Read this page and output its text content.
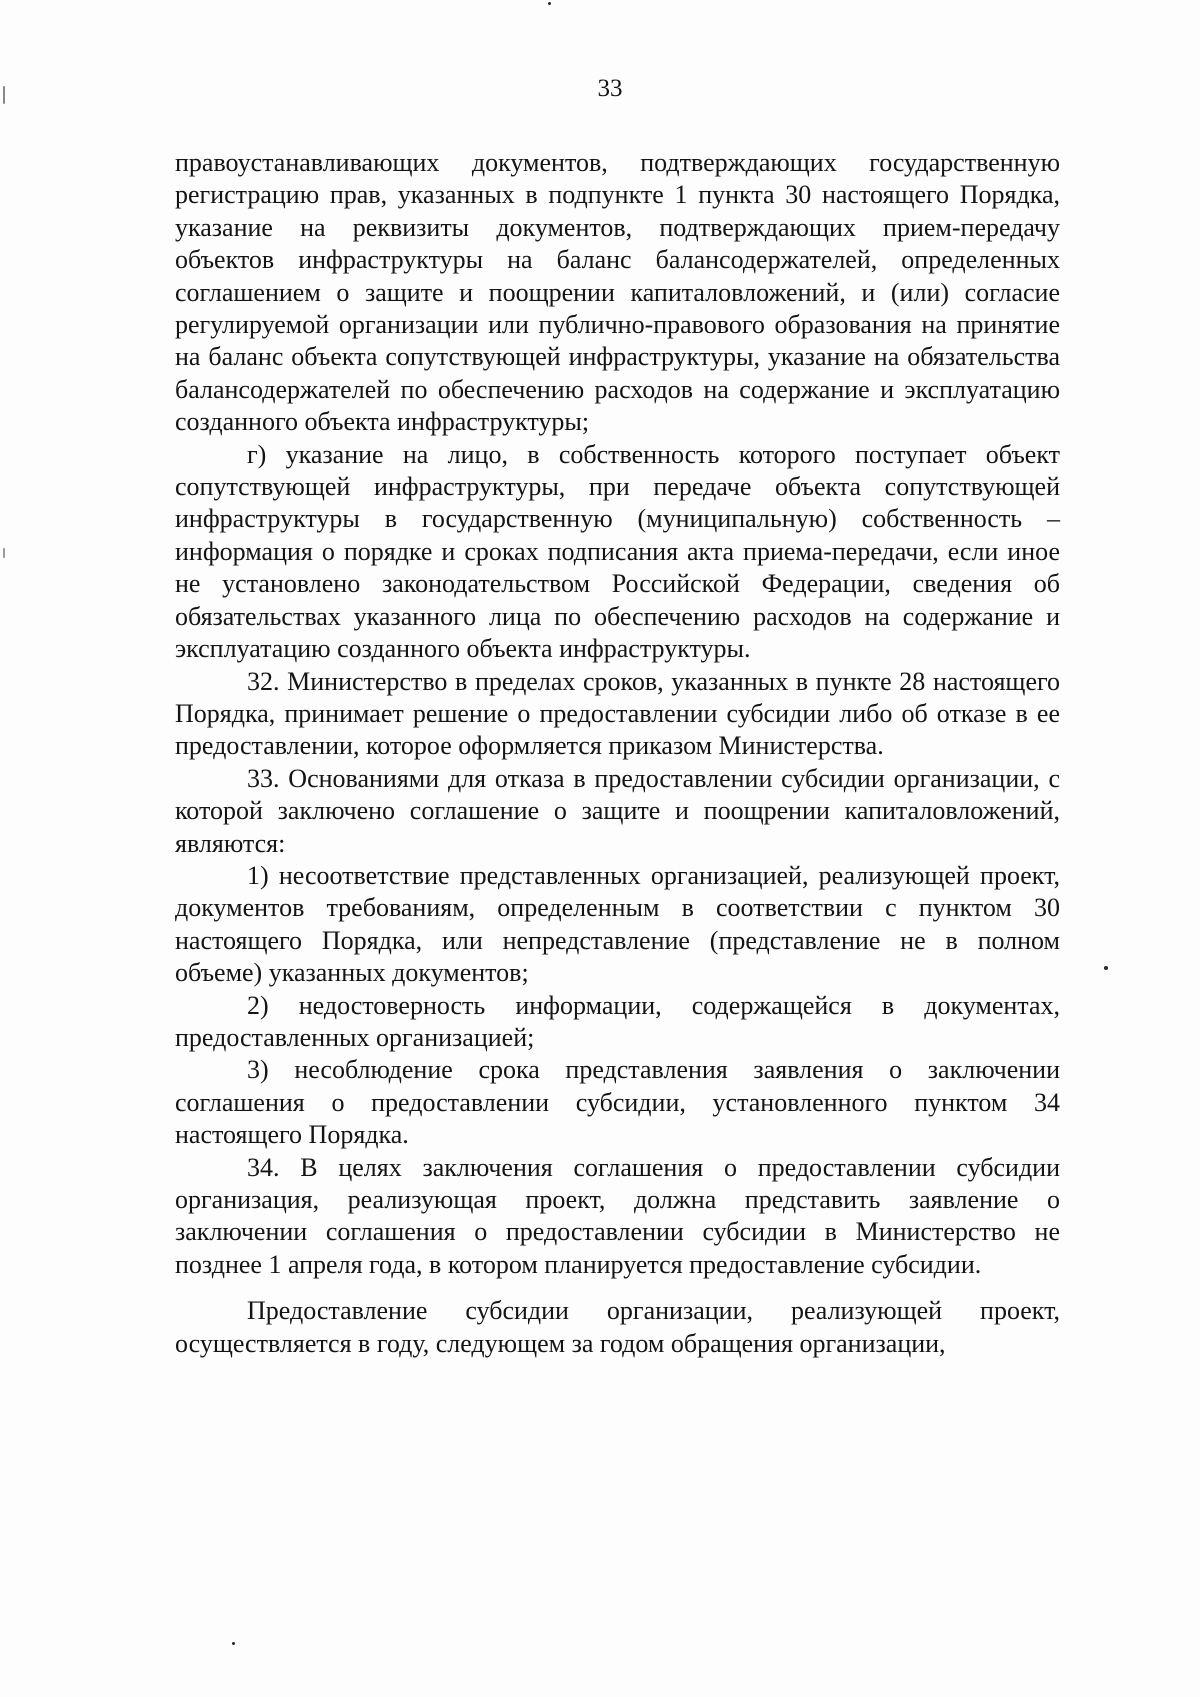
33

правоустанавливающих документов, подтверждающих государственную регистрацию прав, указанных в подпункте 1 пункта 30 настоящего Порядка, указание на реквизиты документов, подтверждающих прием-передачу объектов инфраструктуры на баланс балансодержателей, определенных соглашением о защите и поощрении капиталовложений, и (или) согласие регулируемой организации или публично-правового образования на принятие на баланс объекта сопутствующей инфраструктуры, указание на обязательства балансодержателей по обеспечению расходов на содержание и эксплуатацию созданного объекта инфраструктуры;

г) указание на лицо, в собственность которого поступает объект сопутствующей инфраструктуры, при передаче объекта сопутствующей инфраструктуры в государственную (муниципальную) собственность – информация о порядке и сроках подписания акта приема-передачи, если иное не установлено законодательством Российской Федерации, сведения об обязательствах указанного лица по обеспечению расходов на содержание и эксплуатацию созданного объекта инфраструктуры.

32. Министерство в пределах сроков, указанных в пункте 28 настоящего Порядка, принимает решение о предоставлении субсидии либо об отказе в ее предоставлении, которое оформляется приказом Министерства.

33. Основаниями для отказа в предоставлении субсидии организации, с которой заключено соглашение о защите и поощрении капиталовложений, являются:

1) несоответствие представленных организацией, реализующей проект, документов требованиям, определенным в соответствии с пунктом 30 настоящего Порядка, или непредставление (представление не в полном объеме) указанных документов;

2) недостоверность информации, содержащейся в документах, предоставленных организацией;

3) несоблюдение срока представления заявления о заключении соглашения о предоставлении субсидии, установленного пунктом 34 настоящего Порядка.

34. В целях заключения соглашения о предоставлении субсидии организация, реализующая проект, должна представить заявление о заключении соглашения о предоставлении субсидии в Министерство не позднее 1 апреля года, в котором планируется предоставление субсидии.

Предоставление субсидии организации, реализующей проект, осуществляется в году, следующем за годом обращения организации,
